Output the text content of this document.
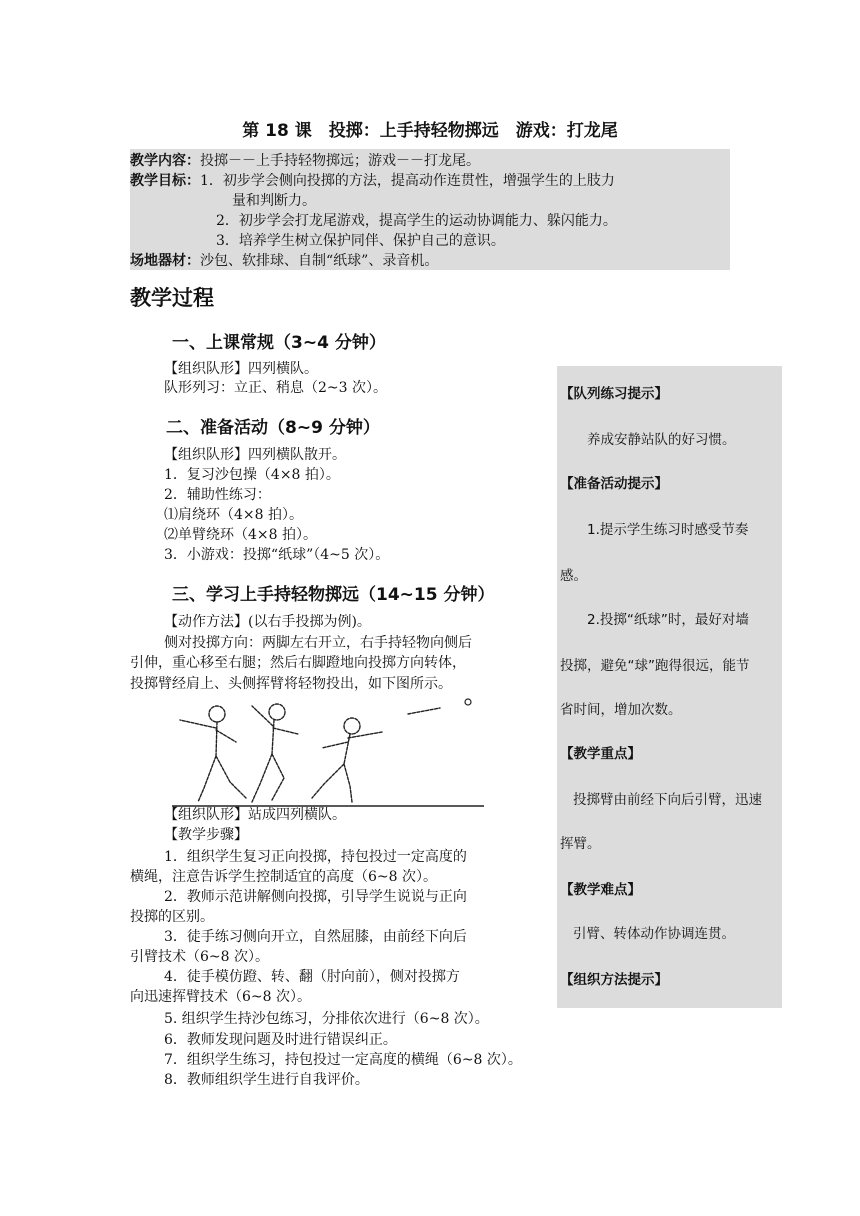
第 18 课　投掷：上手持轻物掷远　游戏：打龙尾
教学内容：投掷－－上手持轻物掷远；游戏－－打龙尾。
教学目标：1．初步学会侧向投掷的方法，提高动作连贯性，增强学生的上肢力
量和判断力。
2．初步学会打龙尾游戏，提高学生的运动协调能力、躲闪能力。
3．培养学生树立保护同伴、保护自己的意识。
场地器材：沙包、软排球、自制“纸球”、录音机。
教学过程
一、上课常规（3~4 分钟）
【组织队形】四列横队。
队形列习：立正、稍息（2~3 次）。
二、准备活动（8~9 分钟）
【组织队形】四列横队散开。
1．复习沙包操（4×8 拍）。
2．辅助性练习：
⑴肩绕环（4×8 拍）。
⑵单臂绕环（4×8 拍）。
3．小游戏：投掷“纸球”（4~5 次）。
三、学习上手持轻物掷远（14~15 分钟）
【动作方法】(以右手投掷为例)。
侧对投掷方向：两脚左右开立，右手持轻物向侧后
引伸，重心移至右腿；然后右脚蹬地向投掷方向转体，
投掷臂经肩上、头侧挥臂将轻物投出，如下图所示。
【组织队形】站成四列横队。
【教学步骤】
1．组织学生复习正向投掷，持包投过一定高度的
横绳，注意告诉学生控制适宜的高度（6~8 次）。
2．教师示范讲解侧向投掷，引导学生说说与正向
投掷的区别。
3．徒手练习侧向开立，自然屈膝，由前经下向后
引臂技术（6~8 次）。
4．徒手模仿蹬、转、翻（肘向前），侧对投掷方
向迅速挥臂技术（6~8 次）。
5. 组织学生持沙包练习，分排依次进行（6~8 次）。
6．教师发现问题及时进行错误纠正。
7．组织学生练习，持包投过一定高度的横绳（6~8 次）。
8．教师组织学生进行自我评价。
【队列练习提示】
养成安静站队的好习惯。
【准备活动提示】
1.提示学生练习时感受节奏
感。
2.投掷“纸球”时，最好对墙
投掷，避免“球”跑得很远，能节
省时间，增加次数。
【教学重点】
投掷臂由前经下向后引臂，迅速
挥臂。
【教学难点】
引臂、转体动作协调连贯。
【组织方法提示】
